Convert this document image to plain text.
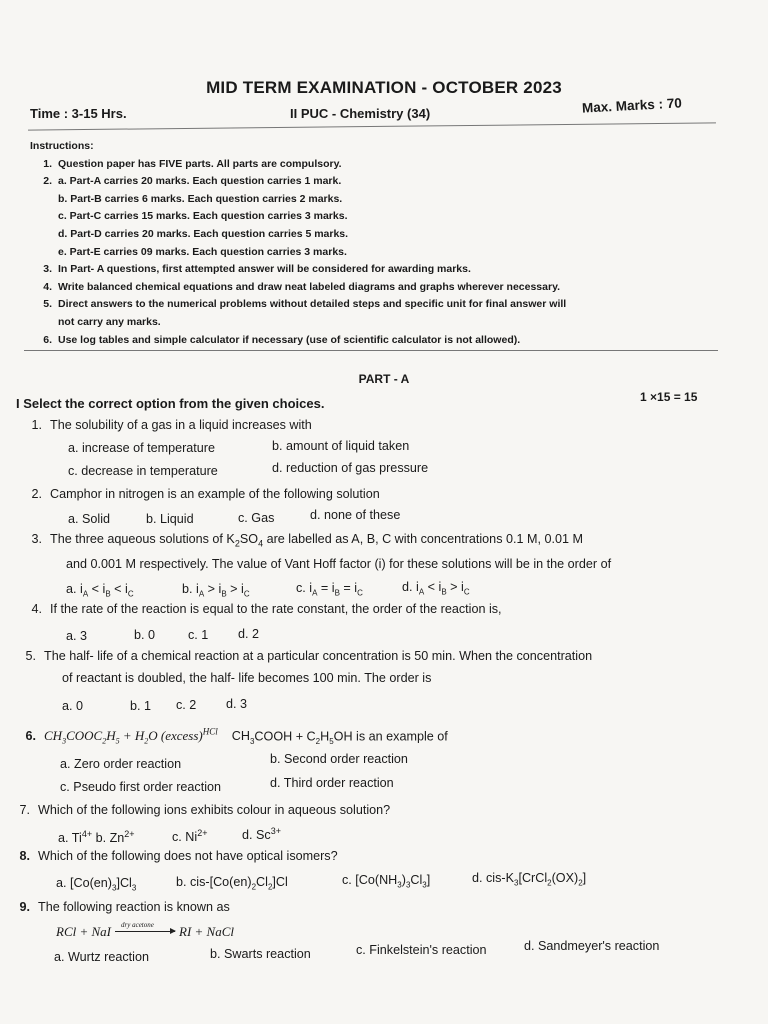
MID TERM EXAMINATION - OCTOBER 2023
Time : 3-15 Hrs.	II PUC - Chemistry (34)	Max. Marks : 70
Instructions:
1. Question paper has FIVE parts. All parts are compulsory.
2. a. Part-A carries 20 marks. Each question carries 1 mark.
b. Part-B carries 6 marks. Each question carries 2 marks.
c. Part-C carries 15 marks. Each question carries 3 marks.
d. Part-D carries 20 marks. Each question carries 5 marks.
e. Part-E carries 09 marks. Each question carries 3 marks.
3. In Part- A questions, first attempted answer will be considered for awarding marks.
4. Write balanced chemical equations and draw neat labeled diagrams and graphs wherever necessary.
5. Direct answers to the numerical problems without detailed steps and specific unit for final answer will
not carry any marks.
6. Use log tables and simple calculator if necessary (use of scientific calculator is not allowed).
PART - A
I Select the correct option from the given choices.	1 ×15 = 15
1. The solubility of a gas in a liquid increases with
a. increase of temperature	b. amount of liquid taken
c. decrease in temperature	d. reduction of gas pressure
2. Camphor in nitrogen is an example of the following solution
a. Solid	b. Liquid	c. Gas	d. none of these
3. The three aqueous solutions of $K_2SO_4$ are labelled as A, B, C with concentrations 0.1 M, 0.01 M
and 0.001 M respectively. The value of Vant Hoff factor (i) for these solutions will be in the order of
a. $i_A < i_B < i_C$	b. $i_A > i_B > i_C$	c. $i_A = i_B = i_C$	d. $i_A < i_B > i_C$
4. If the rate of the reaction is equal to the rate constant, the order of the reaction is,
a. 3	b. 0	c. 1 d. 2
5. The half- life of a chemical reaction at a particular concentration is 50 min. When the concentration
of reactant is doubled, the half- life becomes 100 min. The order is
a. 0	b. 1 c. 2 d. 3
6. $CH_3COOC_2H_5 + H_2O$ (excess)$^{HCl}$ $CH_3COOH + C_2H_5OH$ is an example of
a. Zero order reaction	b. Second order reaction
c. Pseudo first order reaction	d. Third order reaction
7. Which of the following ions exhibits colour in aqueous solution?
a. $Ti^{4+}$ b. $Zn^{2+}$	c. $Ni^{2+}$	d. $Sc^{3+}$
8. Which of the following does not have optical isomers?
a. $[Co(en)_3]Cl_3$	b. cis-$[Co(en)_2Cl_2]Cl$	c. $[Co(NH_3)_3Cl_3]$	d. cis-$K_3[CrCl_2(OX)_2]$
9. The following reaction is known as
RCl + NaI dry acetone RI + NaCl
a. Wurtz reaction	b. Swarts reaction	c. Finkelstein's reaction	d. Sandmeyer's reaction
